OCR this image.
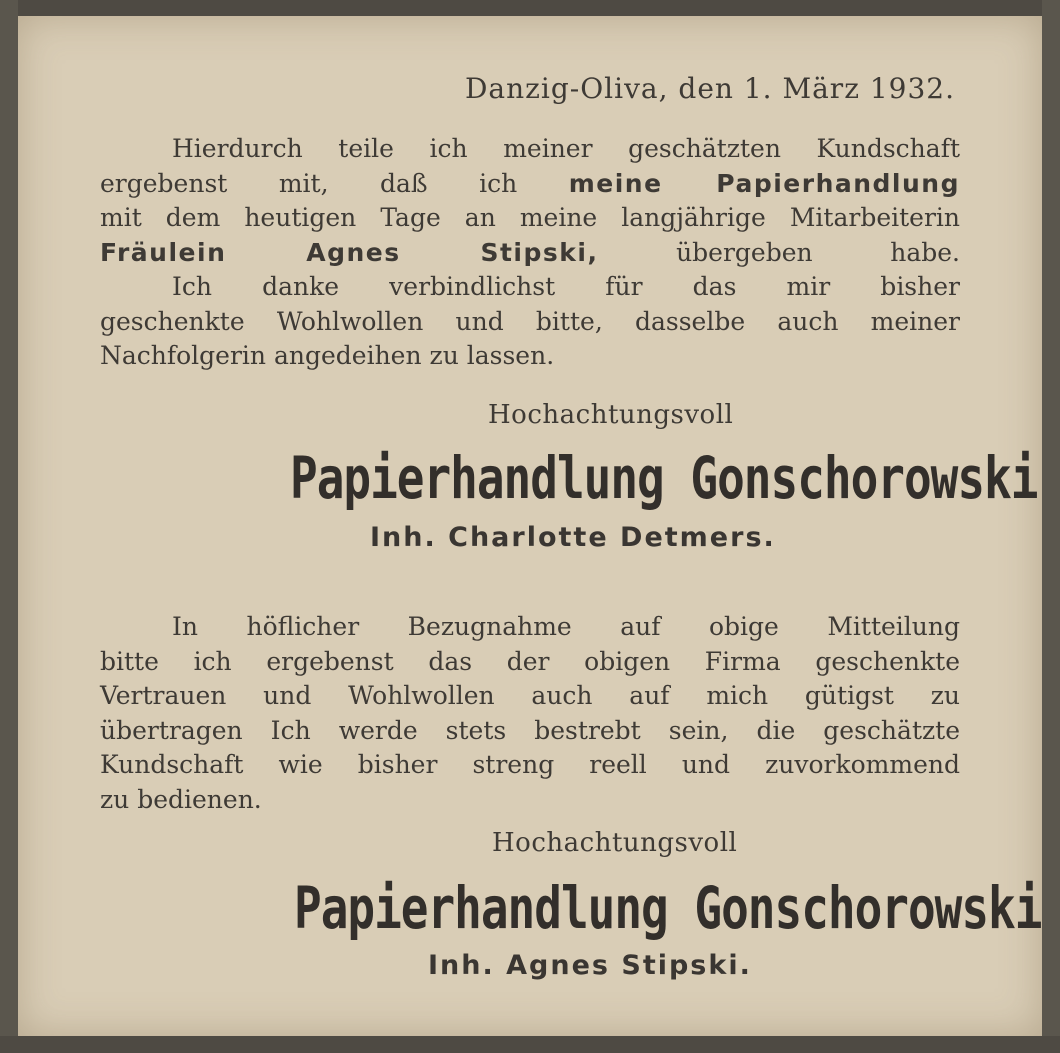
Danzig-Oliva, den 1. März 1932.
Hierdurch teile ich meiner geschätzten Kundschaft
ergebenst mit, daß ich meine Papierhandlung
mit dem heutigen Tage an meine langjährige Mitarbeiterin
Fräulein Agnes Stipski, übergeben habe.
Ich danke verbindlichst für das mir bisher
geschenkte Wohlwollen und bitte, dasselbe auch meiner
Nachfolgerin angedeihen zu lassen.
Hochachtungsvoll
Papierhandlung Gonschorowski
Inh. Charlotte Detmers.
In höflicher Bezugnahme auf obige Mitteilung
bitte ich ergebenst das der obigen Firma geschenkte
Vertrauen und Wohlwollen auch auf mich gütigst zu
übertragen Ich werde stets bestrebt sein, die geschätzte
Kundschaft wie bisher streng reell und zuvorkommend
zu bedienen.
Hochachtungsvoll
Papierhandlung Gonschorowski
Inh. Agnes Stipski.
